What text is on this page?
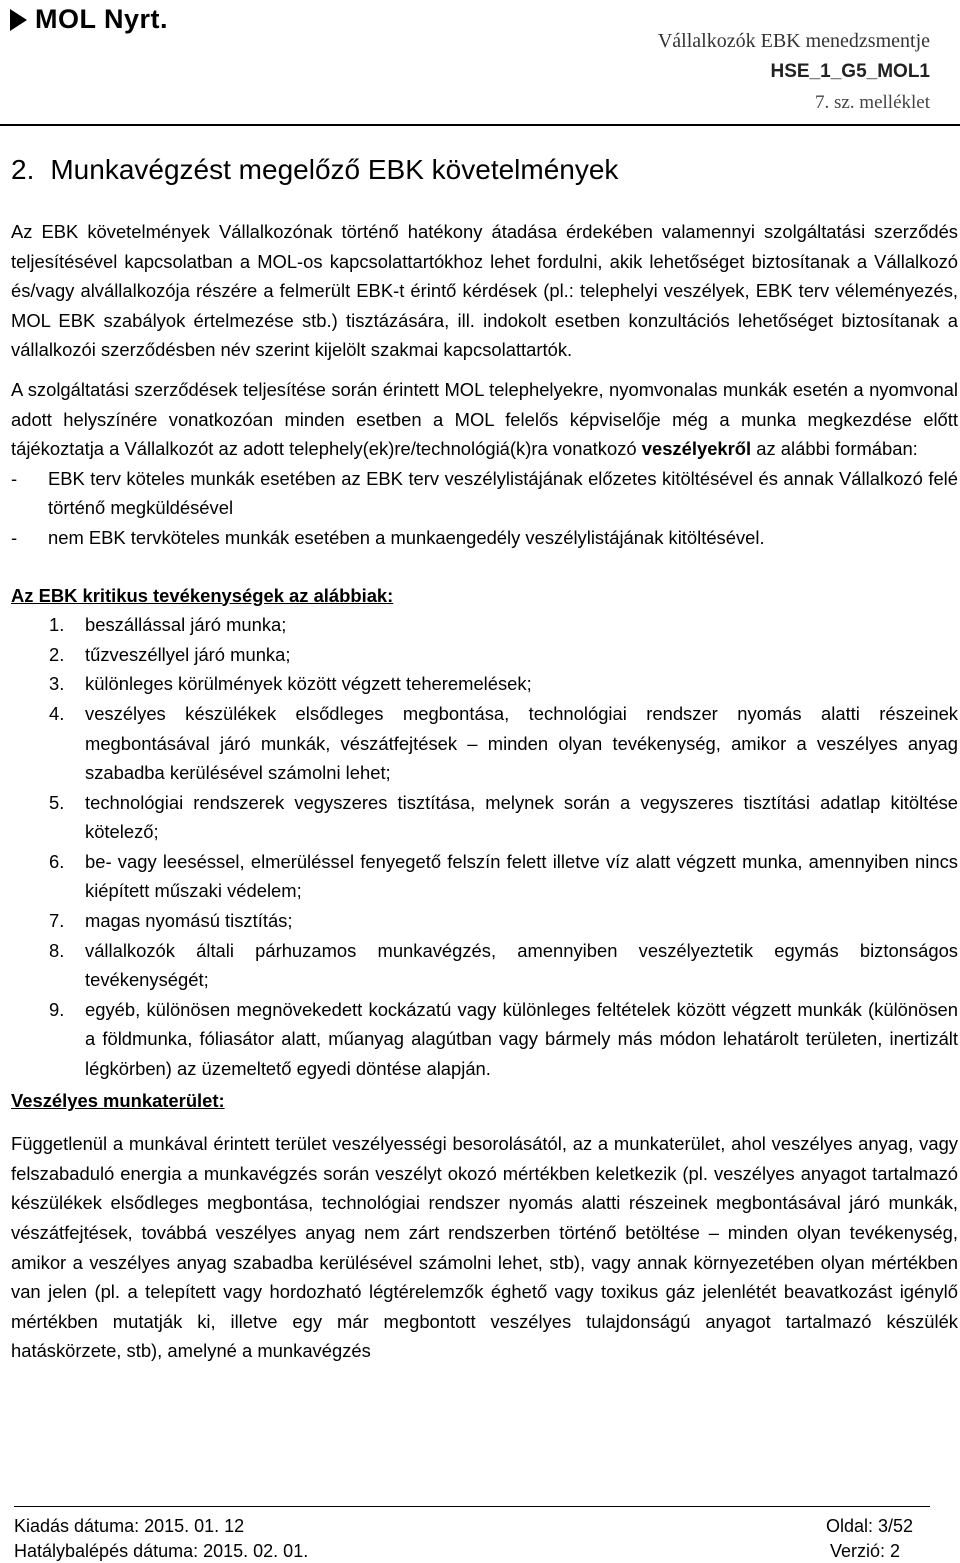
MOL Nyrt.
Vállalkozók EBK menedzsmentje
HSE_1_G5_MOL1
7. sz. melléklet
2. Munkavégzést megelőző EBK követelmények

Az EBK követelmények Vállalkozónak történő hatékony átadása érdekében valamennyi szolgáltatási szerződés teljesítésével kapcsolatban a MOL-os kapcsolattartókhoz lehet fordulni, akik lehetőséget biztosítanak a Vállalkozó és/vagy alvállalkozója részére a felmerült EBK-t érintő kérdések (pl.: telephelyi veszélyek, EBK terv véleményezés, MOL EBK szabályok értelmezése stb.) tisztázására, ill. indokolt esetben konzultációs lehetőséget biztosítanak a vállalkozói szerződésben név szerint kijelölt szakmai kapcsolattartók.

A szolgáltatási szerződések teljesítése során érintett MOL telephelyekre, nyomvonalas munkák esetén a nyomvonal adott helyszínére vonatkozóan minden esetben a MOL felelős képviselője még a munka megkezdése előtt tájékoztatja a Vállalkozót az adott telephely(ek)re/technológiá(k)ra vonatkozó veszélyekről az alábbi formában:

- EBK terv köteles munkák esetében az EBK terv veszélylistájának előzetes kitöltésével és annak Vállalkozó felé történő megküldésével
- nem EBK tervköteles munkák esetében a munkaengedély veszélylistájának kitöltésével.
Az EBK kritikus tevékenységek az alábbiak:
1. beszállással járó munka;
2. tűzveszéllyel járó munka;
3. különleges körülmények között végzett teheremelések;
4. veszélyes készülékek elsődleges megbontása, technológiai rendszer nyomás alatti részeinek megbontásával járó munkák, vészátfejtések – minden olyan tevékenység, amikor a veszélyes anyag szabadba kerülésével számolni lehet;
5. technológiai rendszerek vegyszeres tisztítása, melynek során a vegyszeres tisztítási adatlap kitöltése kötelező;
6. be- vagy leeséssel, elmerüléssel fenyegető felszín felett illetve víz alatt végzett munka, amennyiben nincs kiépített műszaki védelem;
7. magas nyomású tisztítás;
8. vállalkozók általi párhuzamos munkavégzés, amennyiben veszélyeztetik egymás biztonságos tevékenységét;
9. egyéb, különösen megnövekedett kockázatú vagy különleges feltételek között végzett munkák (különösen a földmunka, fóliasátor alatt, műanyag alagútban vagy bármely más módon lehatárolt területen, inertizált légkörben) az üzemeltető egyedi döntése alapján.
Veszélyes munkaterület:

Függetlenül a munkával érintett terület veszélyességi besorolásától, az a munkaterület, ahol veszélyes anyag, vagy felszabaduló energia a munkavégzés során veszélyt okozó mértékben keletkezik (pl. veszélyes anyagot tartalmazó készülékek elsődleges megbontása, technológiai rendszer nyomás alatti részeinek megbontásával járó munkák, vészátfejtések, továbbá veszélyes anyag nem zárt rendszerben történő betöltése – minden olyan tevékenység, amikor a veszélyes anyag szabadba kerülésével számolni lehet, stb), vagy annak környezetében olyan mértékben van jelen (pl. a telepített vagy hordozható légtérelemzők éghető vagy toxikus gáz jelenlétét beavatkozást igénylő mértékben mutatják ki, illetve egy már megbontott veszélyes tulajdonságú anyagot tartalmazó készülék hatáskörzete, stb), amelyné a munkavégzés

Kiadás dátuma: 2015. 01. 12
Hatálybalépés dátuma: 2015. 02. 01.
Oldal: 3/52
Verzió: 2
